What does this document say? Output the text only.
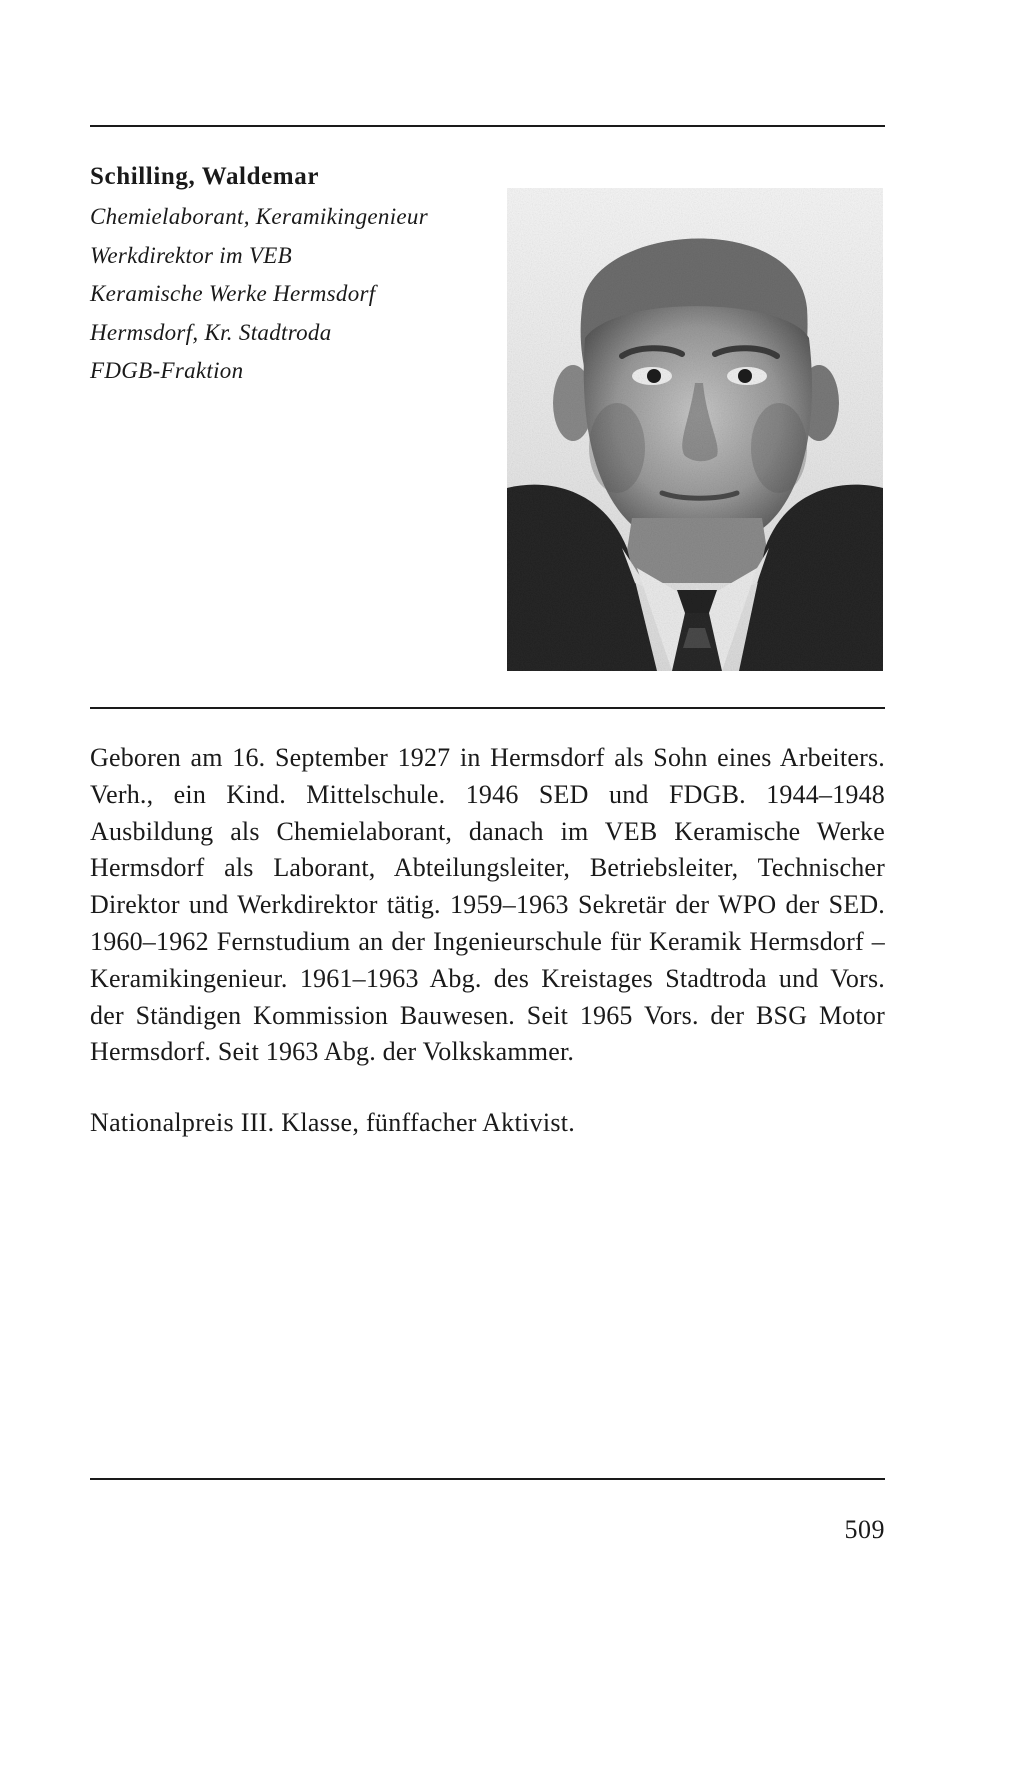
Schilling, Waldemar
Chemielaborant, Keramikingenieur
Werkdirektor im VEB
Keramische Werke Hermsdorf
Hermsdorf, Kr. Stadtroda
FDGB-Fraktion

Geboren am 16. September 1927 in Hermsdorf als Sohn eines Arbeiters. Verh., ein Kind. Mittelschule. 1946 SED und FDGB. 1944–1948 Ausbildung als Chemielaborant, danach im VEB Keramische Werke Hermsdorf als Laborant, Abteilungsleiter, Betriebsleiter, Technischer Direktor und Werkdirektor tätig. 1959–1963 Sekretär der WPO der SED. 1960–1962 Fernstudium an der Ingenieurschule für Keramik Hermsdorf – Keramikingenieur. 1961–1963 Abg. des Kreistages Stadtroda und Vors. der Ständigen Kommission Bauwesen. Seit 1965 Vors. der BSG Motor Hermsdorf. Seit 1963 Abg. der Volkskammer.

Nationalpreis III. Klasse, fünffacher Aktivist.

509
